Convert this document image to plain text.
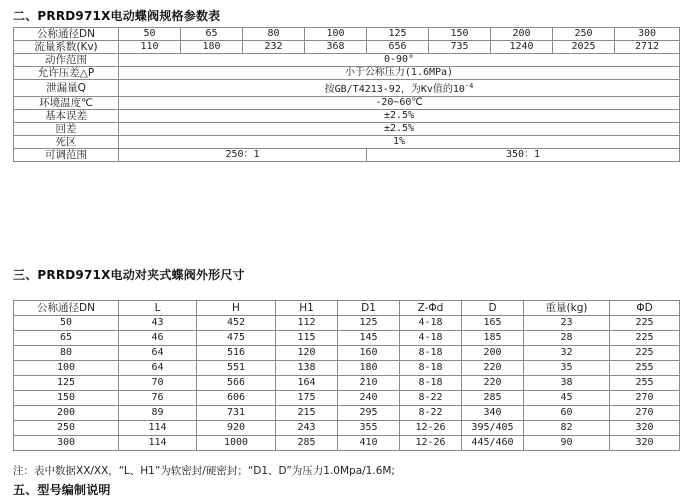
二、PRRD971X电动蝶阀规格参数表
公称通径DN	50	65	80	100	125	150	200	250	300
流量系数(Kv)	110	180	232	368	656	735	1240	2025	2712
动作范围	0-90°								
允许压差△P	小于公称压力(1.6MPa)								
泄漏量Q	按GB/T4213-92，为Kv值的$10^{-4}$
环境温度℃	-20~60℃								
基本误差	±2.5%								
回差	±2.5%								
死区	1%								
可调范围	250：1				350：1				
三、PRRD971X电动对夹式蝶阀外形尺寸
公称通径DN	L	H	H1	D1	Z-Φd	D	重量(kg)	ΦD
50	43	452	112	125	4-18	165	23	225
65	46	475	115	145	4-18	185	28	225
80	64	516	120	160	8-18	200	32	225
100	64	551	138	180	8-18	220	35	255
125	70	566	164	210	8-18	220	38	255
150	76	606	175	240	8-22	285	45	270
200	89	731	215	295	8-22	340	60	270
250	114	920	243	355	12-26	395/405	82	320
300	114	1000	285	410	12-26	445/460	90	320
注：表中数据XX/XX，“L、H1”为软密封/硬密封；“D1、D”为压力1.0Mpa/1.6M;
五、型号编制说明
